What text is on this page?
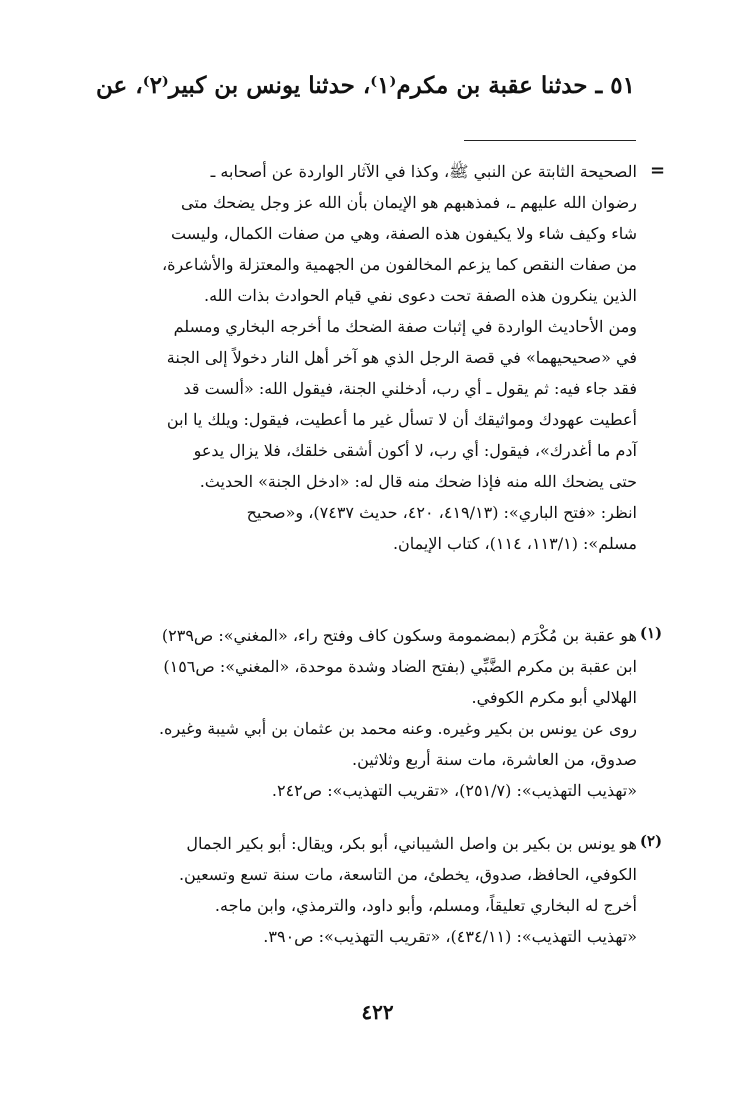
٥١ ـ حدثنا عقبة بن مكرم⁽١⁾، حدثنا يونس بن كبير⁽٢⁾، عن
=
الصحيحة الثابتة عن النبي ﷺ، وكذا في الآثار الواردة عن أصحابه ـ
رضوان الله عليهم ـ، فمذهبهم هو الإيمان بأن الله عز وجل يضحك متى
شاء وكيف شاء ولا يكيفون هذه الصفة، وهي من صفات الكمال، وليست
من صفات النقص كما يزعم المخالفون من الجهمية والمعتزلة والأشاعرة،
الذين ينكرون هذه الصفة تحت دعوى نفي قيام الحوادث بذات الله.
ومن الأحاديث الواردة في إثبات صفة الضحك ما أخرجه البخاري ومسلم
في «صحيحيهما» في قصة الرجل الذي هو آخر أهل النار دخولاً إلى الجنة
فقد جاء فيه: ثم يقول ـ أي رب، أدخلني الجنة، فيقول الله: «ألست قد
أعطيت عهودك ومواثيقك أن لا تسأل غير ما أعطيت، فيقول: ويلك يا ابن
آدم ما أغدرك»، فيقول: أي رب، لا أكون أشقى خلقك، فلا يزال يدعو
حتى يضحك الله منه فإذا ضحك منه قال له: «ادخل الجنة» الحديث.
انظر: «فتح الباري»: (٤١٩/١٣، ٤٢٠، حديث ٧٤٣٧)، و«صحيح
مسلم»: (١١٣/١، ١١٤)، كتاب الإيمان.
(١)
هو عقبة بن مُكْرَم (بمضمومة وسكون كاف وفتح راء، «المغني»: ص٢٣٩)
ابن عقبة بن مكرم الضَّبِّي (بفتح الضاد وشدة موحدة، «المغني»: ص١٥٦)
الهلالي أبو مكرم الكوفي.
روى عن يونس بن بكير وغيره. وعنه محمد بن عثمان بن أبي شيبة وغيره.
صدوق، من العاشرة، مات سنة أربع وثلاثين.
«تهذيب التهذيب»: (٢٥١/٧)، «تقريب التهذيب»: ص٢٤٢.
(٢)
هو يونس بن بكير بن واصل الشيباني، أبو بكر، ويقال: أبو بكير الجمال
الكوفي، الحافظ، صدوق، يخطئ، من التاسعة، مات سنة تسع وتسعين.
أخرج له البخاري تعليقاً، ومسلم، وأبو داود، والترمذي، وابن ماجه.
«تهذيب التهذيب»: (٤٣٤/١١)، «تقريب التهذيب»: ص٣٩٠.
٤٢٢
